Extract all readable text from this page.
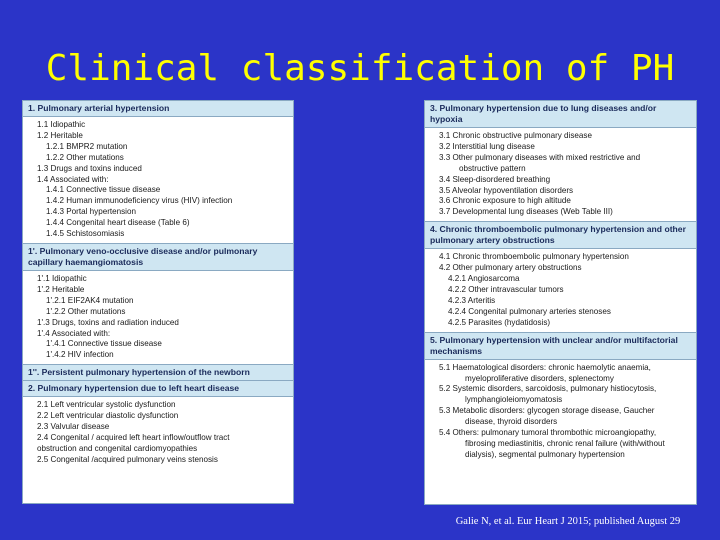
Clinical classification of PH
1. Pulmonary arterial hypertension
1.1 Idiopathic
1.2 Heritable
1.2.1 BMPR2 mutation
1.2.2 Other mutations
1.3 Drugs and toxins induced
1.4 Associated with:
1.4.1 Connective tissue disease
1.4.2 Human immunodeficiency virus (HIV) infection
1.4.3 Portal hypertension
1.4.4 Congenital heart disease (Table 6)
1.4.5 Schistosomiasis
1'. Pulmonary veno-occlusive disease and/or pulmonary capillary haemangiomatosis
1'.1 Idiopathic
1'.2 Heritable
1'.2.1 EIF2AK4 mutation
1'.2.2 Other mutations
1'.3 Drugs, toxins and radiation induced
1'.4 Associated with:
1'.4.1 Connective tissue disease
1'.4.2 HIV infection
1''. Persistent pulmonary hypertension of the newborn
2. Pulmonary hypertension due to left heart disease
2.1 Left ventricular systolic dysfunction
2.2 Left ventricular diastolic dysfunction
2.3 Valvular disease
2.4 Congenital / acquired left heart inflow/outflow tract
obstruction and congenital cardiomyopathies
2.5 Congenital /acquired pulmonary veins stenosis
3. Pulmonary hypertension due to lung diseases and/or hypoxia
3.1 Chronic obstructive pulmonary disease
3.2 Interstitial lung disease
3.3 Other pulmonary diseases with mixed restrictive and
obstructive pattern
3.4 Sleep-disordered breathing
3.5 Alveolar hypoventilation disorders
3.6 Chronic exposure to high altitude
3.7 Developmental lung diseases (Web Table III)
4. Chronic thromboembolic pulmonary hypertension and other pulmonary artery obstructions
4.1 Chronic thromboembolic pulmonary hypertension
4.2 Other pulmonary artery obstructions
4.2.1 Angiosarcoma
4.2.2 Other intravascular tumors
4.2.3 Arteritis
4.2.4 Congenital pulmonary arteries stenoses
4.2.5 Parasites (hydatidosis)
5. Pulmonary hypertension with unclear and/or multifactorial mechanisms
5.1 Haematological disorders: chronic haemolytic anaemia,
myeloproliferative disorders, splenectomy
5.2 Systemic disorders, sarcoidosis, pulmonary histiocytosis,
lymphangioleiomyomatosis
5.3 Metabolic disorders: glycogen storage disease, Gaucher
disease, thyroid disorders
5.4 Others: pulmonary tumoral thrombothic microangiopathy,
fibrosing mediastinitis, chronic renal failure (with/without
dialysis), segmental pulmonary hypertension
Galie N, et al. Eur Heart J 2015; published August 29
